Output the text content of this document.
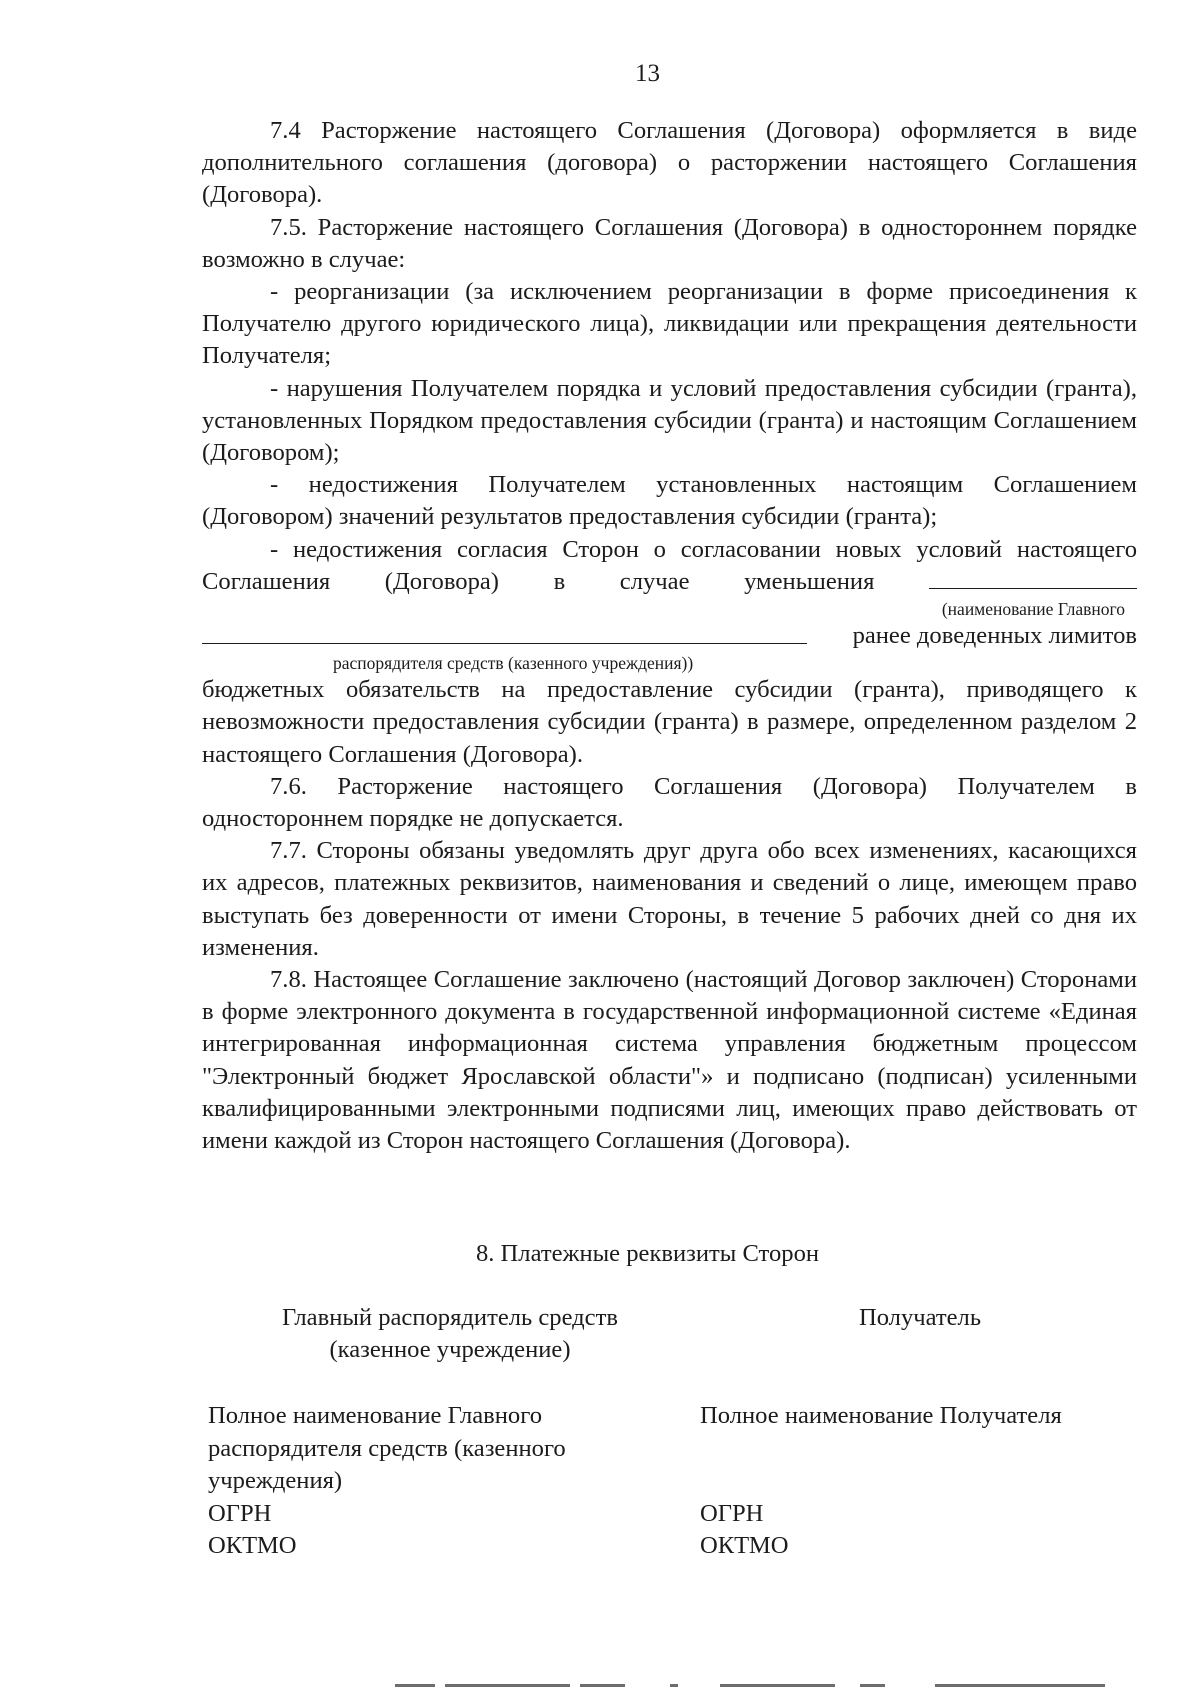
13

7.4 Расторжение настоящего Соглашения (Договора) оформляется в виде дополнительного соглашения (договора) о расторжении настоящего Соглашения (Договора).

7.5. Расторжение настоящего Соглашения (Договора) в одностороннем порядке возможно в случае:

- реорганизации (за исключением реорганизации в форме присоединения к Получателю другого юридического лица), ликвидации или прекращения деятельности Получателя;

- нарушения Получателем порядка и условий предоставления субсидии (гранта), установленных Порядком предоставления субсидии (гранта) и настоящим Соглашением (Договором);

- недостижения Получателем установленных настоящим Соглашением (Договором) значений результатов предоставления субсидии (гранта);

- недостижения согласия Сторон о согласовании новых условий настоящего Соглашения (Договора) в случае уменьшения

(наименование Главного

ранее доведенных лимитов

распорядителя средств (казенного учреждения))

бюджетных обязательств на предоставление субсидии (гранта), приводящего к невозможности предоставления субсидии (гранта) в размере, определенном разделом 2 настоящего Соглашения (Договора).

7.6. Расторжение настоящего Соглашения (Договора) Получателем в одностороннем порядке не допускается.

7.7. Стороны обязаны уведомлять друг друга обо всех изменениях, касающихся их адресов, платежных реквизитов, наименования и сведений о лице, имеющем право выступать без доверенности от имени Стороны, в течение 5 рабочих дней со дня их изменения.

7.8. Настоящее Соглашение заключено (настоящий Договор заключен) Сторонами в форме электронного документа в государственной информационной системе «Единая интегрированная информационная система управления бюджетным процессом "Электронный бюджет Ярославской области"» и подписано (подписан) усиленными квалифицированными электронными подписями лиц, имеющих право действовать от имени каждой из Сторон настоящего Соглашения (Договора).

8. Платежные реквизиты Сторон
Главный распорядитель средств
(казенное учреждение)
Получатель
Полное наименование Главного
распорядителя средств (казенного
учреждения)
ОГРН
ОКТМО
Полное наименование Получателя
ОГРН
ОКТМО
